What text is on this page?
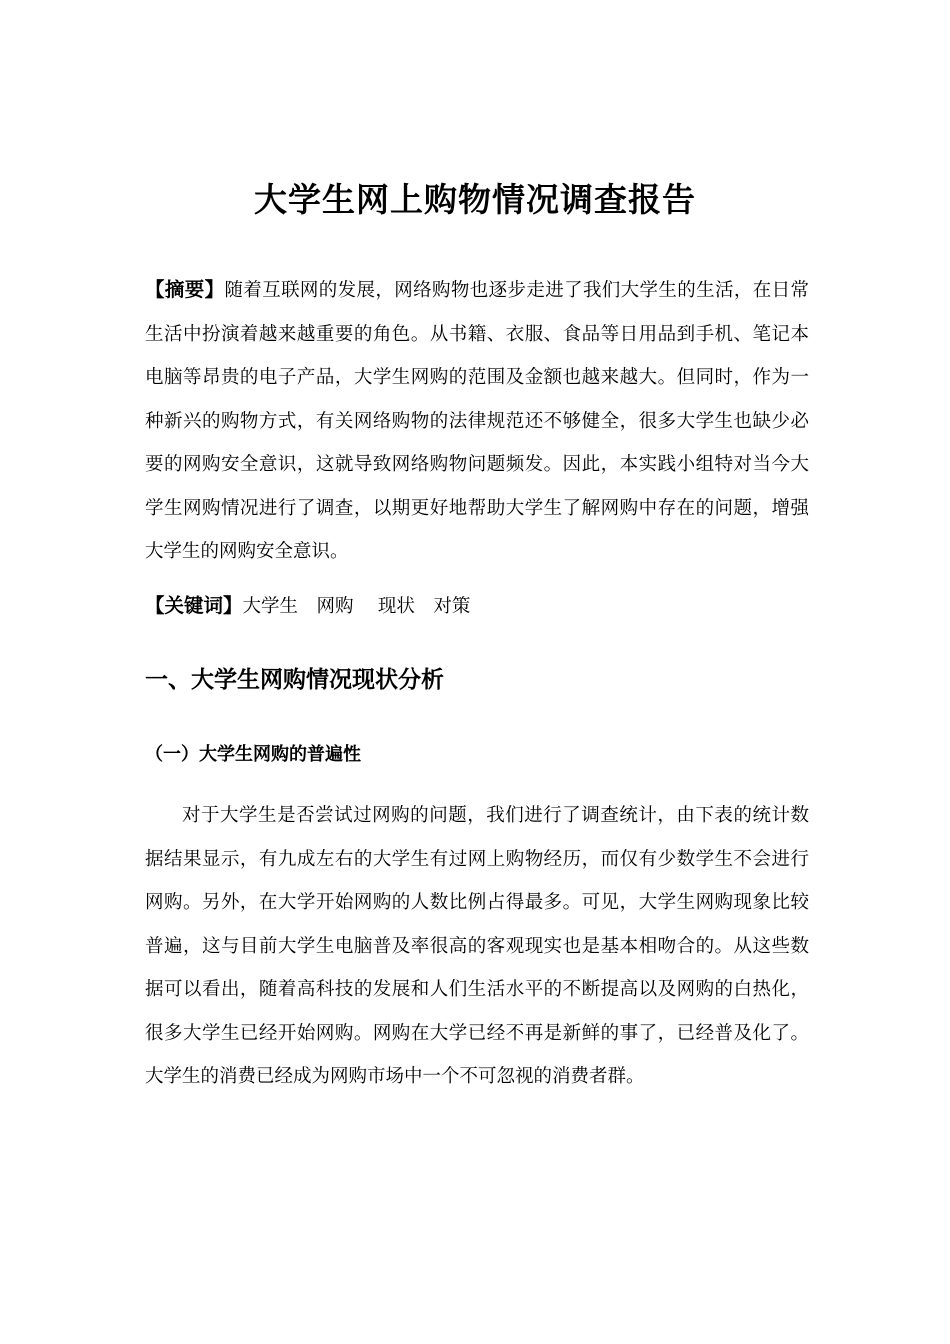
大学生网上购物情况调查报告

【摘要】随着互联网的发展，网络购物也逐步走进了我们大学生的生活，在日常生活中扮演着越来越重要的角色。从书籍、衣服、食品等日用品到手机、笔记本电脑等昂贵的电子产品，大学生网购的范围及金额也越来越大。但同时，作为一种新兴的购物方式，有关网络购物的法律规范还不够健全，很多大学生也缺少必要的网购安全意识，这就导致网络购物问题频发。因此，本实践小组特对当今大学生网购情况进行了调查，以期更好地帮助大学生了解网购中存在的问题，增强大学生的网购安全意识。

【关键词】大学生　网购　 现状　对策

一、大学生网购情况现状分析
（一）大学生网购的普遍性

对于大学生是否尝试过网购的问题，我们进行了调查统计，由下表的统计数据结果显示，有九成左右的大学生有过网上购物经历，而仅有少数学生不会进行网购。另外，在大学开始网购的人数比例占得最多。可见，大学生网购现象比较普遍，这与目前大学生电脑普及率很高的客观现实也是基本相吻合的。从这些数据可以看出，随着高科技的发展和人们生活水平的不断提高以及网购的白热化，很多大学生已经开始网购。网购在大学已经不再是新鲜的事了，已经普及化了。大学生的消费已经成为网购市场中一个不可忽视的消费者群。
